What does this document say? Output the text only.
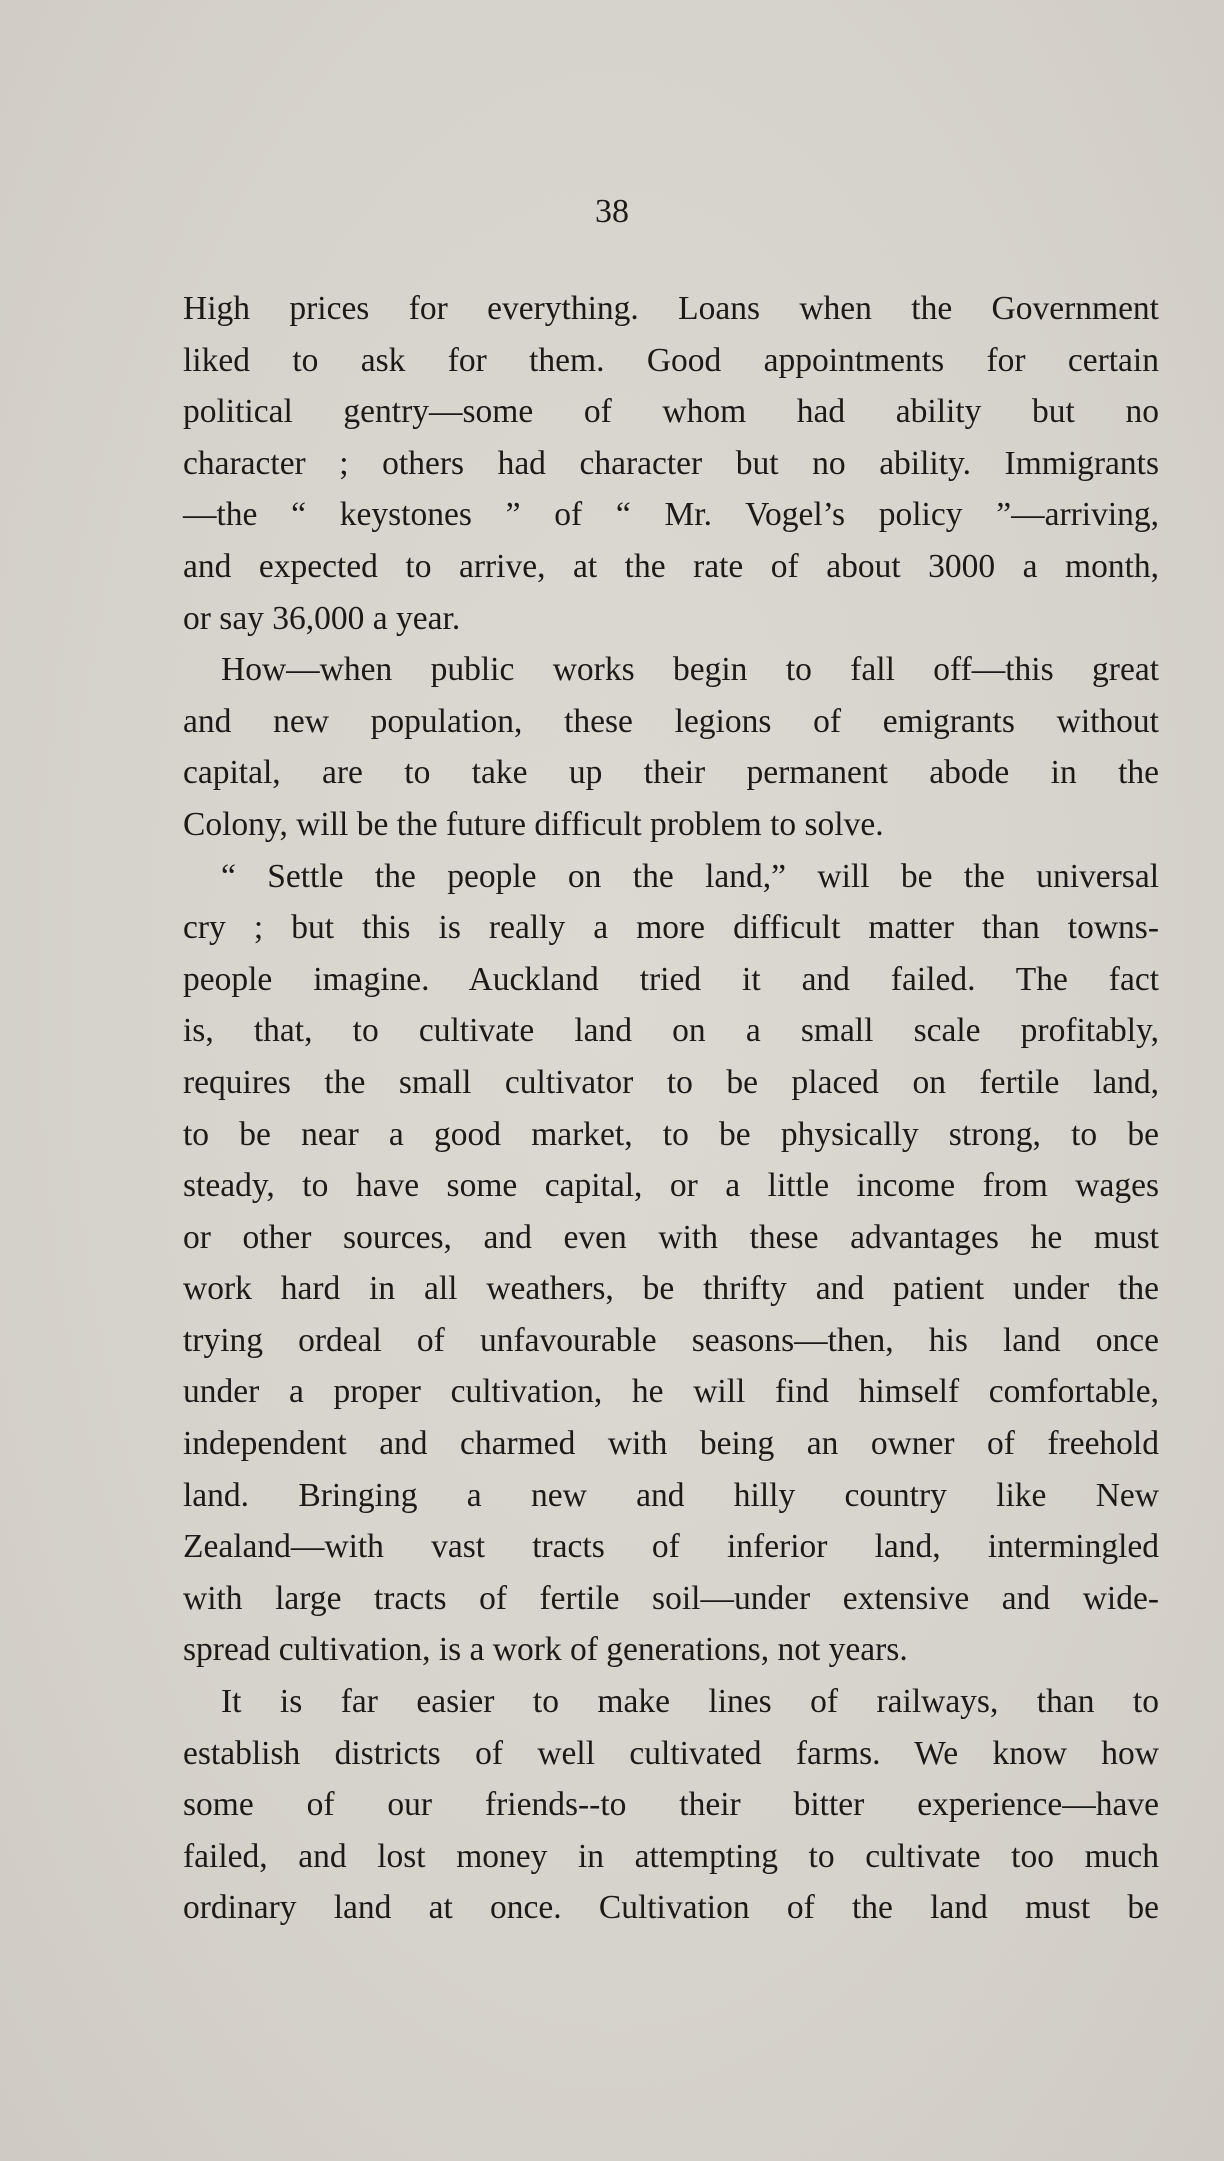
38
High prices for everything. Loans when the Government
liked to ask for them. Good appointments for certain
political gentry—some of whom had ability but no
character ; others had character but no ability. Immigrants
—the “ keystones ” of “ Mr. Vogel’s policy ”—arriving,
and expected to arrive, at the rate of about 3000 a month,
or say 36,000 a year.
How—when public works begin to fall off—this great
and new population, these legions of emigrants without
capital, are to take up their permanent abode in the
Colony, will be the future difficult problem to solve.
“ Settle the people on the land,” will be the universal
cry ; but this is really a more difficult matter than towns-
people imagine. Auckland tried it and failed. The fact
is, that, to cultivate land on a small scale profitably,
requires the small cultivator to be placed on fertile land,
to be near a good market, to be physically strong, to be
steady, to have some capital, or a little income from wages
or other sources, and even with these advantages he must
work hard in all weathers, be thrifty and patient under the
trying ordeal of unfavourable seasons—then, his land once
under a proper cultivation, he will find himself comfortable,
independent and charmed with being an owner of freehold
land. Bringing a new and hilly country like New
Zealand—with vast tracts of inferior land, intermingled
with large tracts of fertile soil—under extensive and wide-
spread cultivation, is a work of generations, not years.
It is far easier to make lines of railways, than to
establish districts of well cultivated farms. We know how
some of our friends--to their bitter experience—have
failed, and lost money in attempting to cultivate too much
ordinary land at once. Cultivation of the land must be
